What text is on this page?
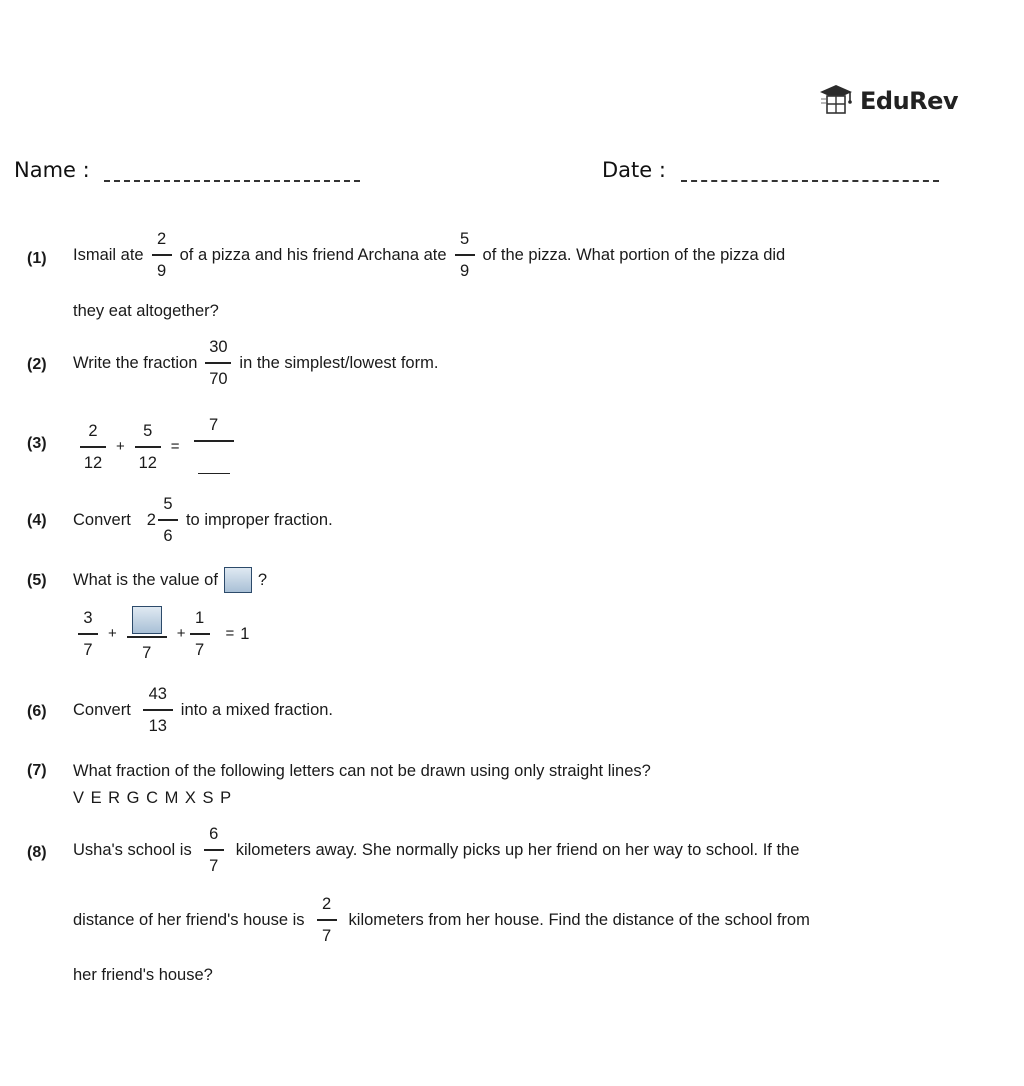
EduRev
Name :	Date :
(1) Ismail ate $\frac{2}{9}$ of a pizza and his friend Archana ate $\frac{5}{9}$ of the pizza. What portion of the pizza did
they eat altogether?
(2) Write the fraction $\frac{30}{70}$ in the simplest/lowest form.
$(3) \frac{2}{12} + \frac{5}{12}$ =
7
(4) Convert $2 \frac{5}{6}$ to improper fraction.
(5) What is the value of ?
$\frac{3}{7}$ +
7
+ $\frac{1}{7} = 1$
(6) Convert $\frac{43}{13}$ into a mixed fraction.
(7) What fraction of the following letters can not be drawn using only straight lines?
V E R G C M X S P
(8) Usha's school is $\frac{6}{7}$ kilometers away. She normally picks up her friend on her way to school. If the
distance of her friend's house is $\frac{2}{7}$ kilometers from her house. Find the distance of the school from
her friend's house?
